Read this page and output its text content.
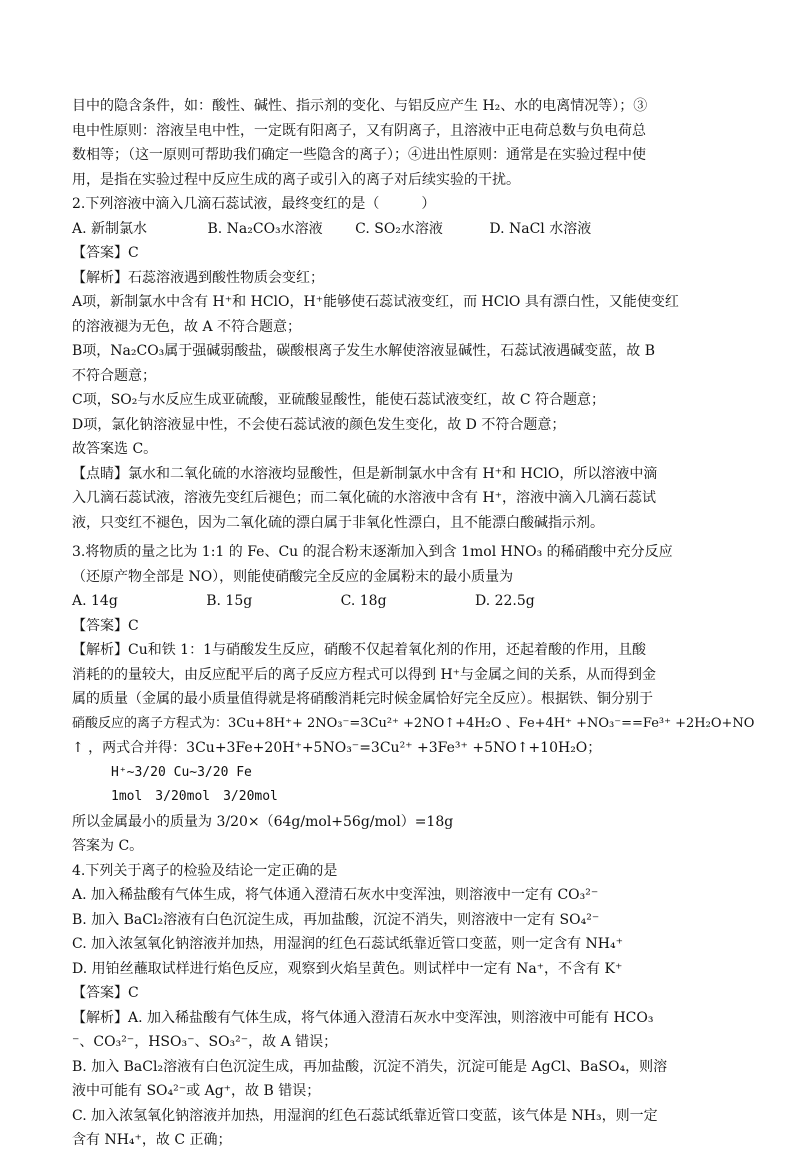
目中的隐含条件，如：酸性、碱性、指示剂的变化、与铝反应产生 H₂、水的电离情况等）；③
电中性原则：溶液呈电中性，一定既有阳离子，又有阴离子，且溶液中正电荷总数与负电荷总
数相等；（这一原则可帮助我们确定一些隐含的离子）；④进出性原则：通常是在实验过程中使
用，是指在实验过程中反应生成的离子或引入的离子对后续实验的干扰。
2.下列溶液中滴入几滴石蕊试液，最终变红的是（　　　）
A. 新制氯水　　　　 B. Na₂CO₃水溶液　　 C. SO₂水溶液　　　 D. NaCl 水溶液
【答案】C
【解析】石蕊溶液遇到酸性物质会变红；
A项，新制氯水中含有 H⁺和 HClO，H⁺能够使石蕊试液变红，而 HClO 具有漂白性，又能使变红
的溶液褪为无色，故 A 不符合题意；
B项，Na₂CO₃属于强碱弱酸盐，碳酸根离子发生水解使溶液显碱性，石蕊试液遇碱变蓝，故 B
不符合题意；
C项，SO₂与水反应生成亚硫酸，亚硫酸显酸性，能使石蕊试液变红，故 C 符合题意；
D项，氯化钠溶液显中性，不会使石蕊试液的颜色发生变化，故 D 不符合题意；
故答案选 C。
【点睛】氯水和二氧化硫的水溶液均显酸性，但是新制氯水中含有 H⁺和 HClO，所以溶液中滴
入几滴石蕊试液，溶液先变红后褪色；而二氧化硫的水溶液中含有 H⁺，溶液中滴入几滴石蕊试
液，只变红不褪色，因为二氧化硫的漂白属于非氧化性漂白，且不能漂白酸碱指示剂。
3.将物质的量之比为 1:1 的 Fe、Cu 的混合粉末逐渐加入到含 1mol HNO₃ 的稀硝酸中充分反应
（还原产物全部是 NO），则能使硝酸完全反应的金属粉末的最小质量为
A. 14g　　　　　　 B. 15g　　　　　　 C. 18g　　　　　　 D. 22.5g
【答案】C
【解析】Cu和铁 1：1与硝酸发生反应，硝酸不仅起着氧化剂的作用，还起着酸的作用，且酸
消耗的的量较大，由反应配平后的离子反应方程式可以得到 H⁺与金属之间的关系，从而得到金
属的质量（金属的最小质量值得就是将硝酸消耗完时候金属恰好完全反应）。根据铁、铜分别于
硝酸反应的离子方程式为：3Cu+8H⁺+ 2NO₃⁻=3Cu²⁺ +2NO↑+4H₂O 、Fe+4H⁺ +NO₃⁻==Fe³⁺ +2H₂O+NO
↑ ，两式合并得：3Cu+3Fe+20H⁺+5NO₃⁻=3Cu²⁺ +3Fe³⁺ +5NO↑+10H₂O；
　　　H⁺~3/20 Cu~3/20 Fe
　　　1mol　3/20mol　3/20mol
所以金属最小的质量为 3/20×（64g/mol+56g/mol）=18g
答案为 C。
4.下列关于离子的检验及结论一定正确的是
A. 加入稀盐酸有气体生成，将气体通入澄清石灰水中变浑浊，则溶液中一定有 CO₃²⁻
B. 加入 BaCl₂溶液有白色沉淀生成，再加盐酸，沉淀不消失，则溶液中一定有 SO₄²⁻
C. 加入浓氢氧化钠溶液并加热，用湿润的红色石蕊试纸靠近管口变蓝，则一定含有 NH₄⁺
D. 用铂丝蘸取试样进行焰色反应，观察到火焰呈黄色。则试样中一定有 Na⁺，不含有 K⁺
【答案】C
【解析】A. 加入稀盐酸有气体生成，将气体通入澄清石灰水中变浑浊，则溶液中可能有 HCO₃
⁻、CO₃²⁻，HSO₃⁻、SO₃²⁻，故 A 错误；
B. 加入 BaCl₂溶液有白色沉淀生成，再加盐酸，沉淀不消失，沉淀可能是 AgCl、BaSO₄，则溶
液中可能有 SO₄²⁻或 Ag⁺，故 B 错误；
C. 加入浓氢氧化钠溶液并加热，用湿润的红色石蕊试纸靠近管口变蓝，该气体是 NH₃，则一定
含有 NH₄⁺，故 C 正确；
